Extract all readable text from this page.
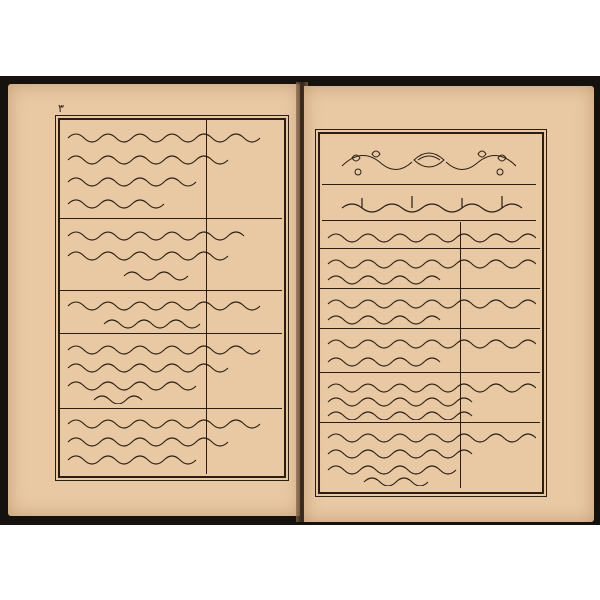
٣
